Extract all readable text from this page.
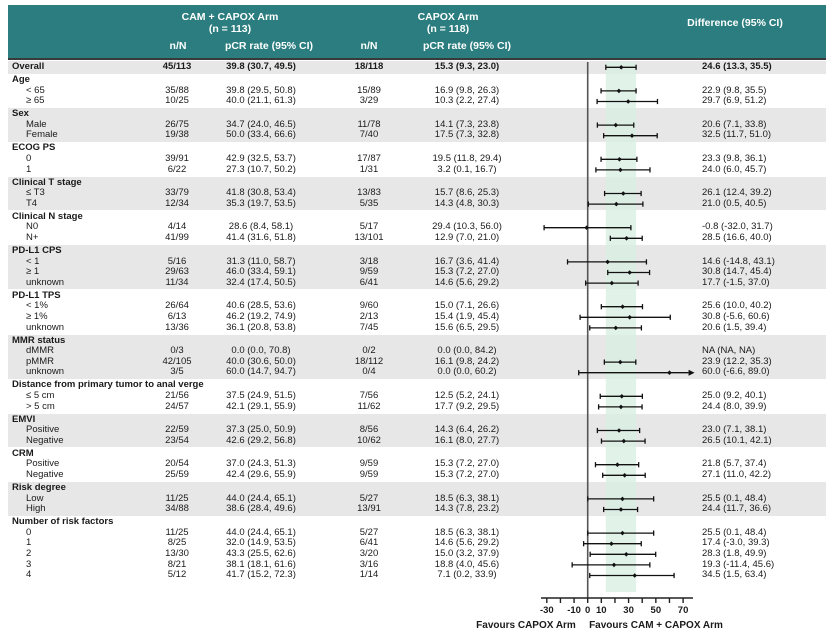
CAM + CAPOX Arm
(n = 113)
CAPOX Arm
(n = 118)	Difference (95% CI)
n/N	pCR rate (95% CI)	n/N	pCR rate (95% CI)
Overall	45/113	39.8 (30.7, 49.5)	18/118	15.3 (9.3, 23.0)	24.6 (13.3, 35.5)
Age
< 65	35/88	39.8 (29.5, 50.8)	15/89	16.9 (9.8, 26.3)	22.9 (9.8, 35.5)
≥ 65	10/25	40.0 (21.1, 61.3)	3/29	10.3 (2.2, 27.4)	29.7 (6.9, 51.2)
Sex
Male	26/75	34.7 (24.0, 46.5)	11/78	14.1 (7.3, 23.8)	20.6 (7.1, 33.8)
Female	19/38	50.0 (33.4, 66.6)	7/40	17.5 (7.3, 32.8)	32.5 (11.7, 51.0)
ECOG PS
0	39/91	42.9 (32.5, 53.7)	17/87	19.5 (11.8, 29.4)	23.3 (9.8, 36.1)
1	6/22	27.3 (10.7, 50.2)	1/31	3.2 (0.1, 16.7)	24.0 (6.0, 45.7)
Clinical T stage
≤ T3	33/79	41.8 (30.8, 53.4)	13/83	15.7 (8.6, 25.3)	26.1 (12.4, 39.2)
T4	12/34	35.3 (19.7, 53.5)	5/35	14.3 (4.8, 30.3)	21.0 (0.5, 40.5)
Clinical N stage
N0	4/14	28.6 (8.4, 58.1)	5/17	29.4 (10.3, 56.0)	-0.8 (-32.0, 31.7)
N+	41/99	41.4 (31.6, 51.8)	13/101	12.9 (7.0, 21.0)	28.5 (16.6, 40.0)
PD-L1 CPS
< 1	5/16	31.3 (11.0, 58.7)	3/18	16.7 (3.6, 41.4)	14.6 (-14.8, 43.1)
≥ 1	29/63	46.0 (33.4, 59.1)	9/59	15.3 (7.2, 27.0)	30.8 (14.7, 45.4)
unknown	11/34	32.4 (17.4, 50.5)	6/41	14.6 (5.6, 29.2)	17.7 (-1.5, 37.0)
PD-L1 TPS
< 1%	26/64	40.6 (28.5, 53.6)	9/60	15.0 (7.1, 26.6)	25.6 (10.0, 40.2)
≥ 1%	6/13	46.2 (19.2, 74.9)	2/13	15.4 (1.9, 45.4)	30.8 (-5.6, 60.6)
unknown	13/36	36.1 (20.8, 53.8)	7/45	15.6 (6.5, 29.5)	20.6 (1.5, 39.4)
MMR status
dMMR	0/3	0.0 (0.0, 70.8)	0/2	0.0 (0.0, 84.2)	NA (NA, NA)
pMMR	42/105	40.0 (30.6, 50.0)	18/112	16.1 (9.8, 24.2)	23.9 (12.2, 35.3)
unknown	3/5	60.0 (14.7, 94.7)	0/4	0.0 (0.0, 60.2)	60.0 (-6.6, 89.0)
Distance from primary tumor to anal verge
≤ 5 cm	21/56	37.5 (24.9, 51.5)	7/56	12.5 (5.2, 24.1)	25.0 (9.2, 40.1)
> 5 cm	24/57	42.1 (29.1, 55.9)	11/62	17.7 (9.2, 29.5)	24.4 (8.0, 39.9)
EMVI
Positive	22/59	37.3 (25.0, 50.9)	8/56	14.3 (6.4, 26.2)	23.0 (7.1, 38.1)
Negative	23/54	42.6 (29.2, 56.8)	10/62	16.1 (8.0, 27.7)	26.5 (10.1, 42.1)
CRM
Positive	20/54	37.0 (24.3, 51.3)	9/59	15.3 (7.2, 27.0)	21.8 (5.7, 37.4)
Negative	25/59	42.4 (29.6, 55.9)	9/59	15.3 (7.2, 27.0)	27.1 (11.0, 42.2)
Risk degree
Low	11/25	44.0 (24.4, 65.1)	5/27	18.5 (6.3, 38.1)	25.5 (0.1, 48.4)
High	34/88	38.6 (28.4, 49.6)	13/91	14.3 (7.8, 23.2)	24.4 (11.7, 36.6)
Number of risk factors
0	11/25	44.0 (24.4, 65.1)	5/27	18.5 (6.3, 38.1)	25.5 (0.1, 48.4)
1	8/25	32.0 (14.9, 53.5)	6/41	14.6 (5.6, 29.2)	17.4 (-3.0, 39.3)
2	13/30	43.3 (25.5, 62.6)	3/20	15.0 (3.2, 37.9)	28.3 (1.8, 49.9)
3	8/21	38.1 (18.1, 61.6)	3/16	18.8 (4.0, 45.6)	19.3 (-11.4, 45.6)
4	5/12	41.7 (15.2, 72.3)	1/14	7.1 (0.2, 33.9)	34.5 (1.5, 63.4)
-30	-10 0 10	30	50	70
Favours CAPOX Arm	Favours CAM + CAPOX Arm
